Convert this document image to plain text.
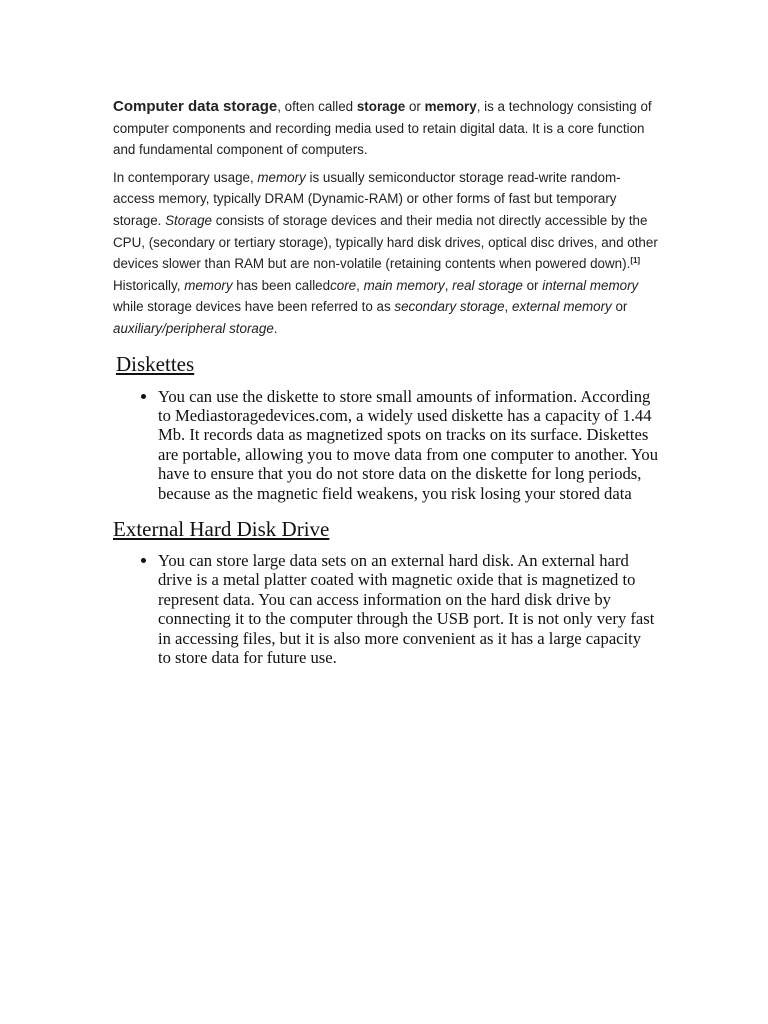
Computer data storage, often called storage or memory, is a technology consisting of computer components and recording media used to retain digital data. It is a core function and fundamental component of computers.

In contemporary usage, memory is usually semiconductor storage read-write random-access memory, typically DRAM (Dynamic-RAM) or other forms of fast but temporary storage. Storage consists of storage devices and their media not directly accessible by the CPU, (secondary or tertiary storage), typically hard disk drives, optical disc drives, and other devices slower than RAM but are non-volatile (retaining contents when powered down).[1] Historically, memory has been calledcore, main memory, real storage or internal memory while storage devices have been referred to as secondary storage, external memory or auxiliary/peripheral storage.

Diskettes
• You can use the diskette to store small amounts of information. According to Mediastoragedevices.com, a widely used diskette has a capacity of 1.44 Mb. It records data as magnetized spots on tracks on its surface. Diskettes are portable, allowing you to move data from one computer to another. You have to ensure that you do not store data on the diskette for long periods, because as the magnetic field weakens, you risk losing your stored data
External Hard Disk Drive
• You can store large data sets on an external hard disk. An external hard drive is a metal platter coated with magnetic oxide that is magnetized to represent data. You can access information on the hard disk drive by connecting it to the computer through the USB port. It is not only very fast in accessing files, but it is also more convenient as it has a large capacity to store data for future use.
